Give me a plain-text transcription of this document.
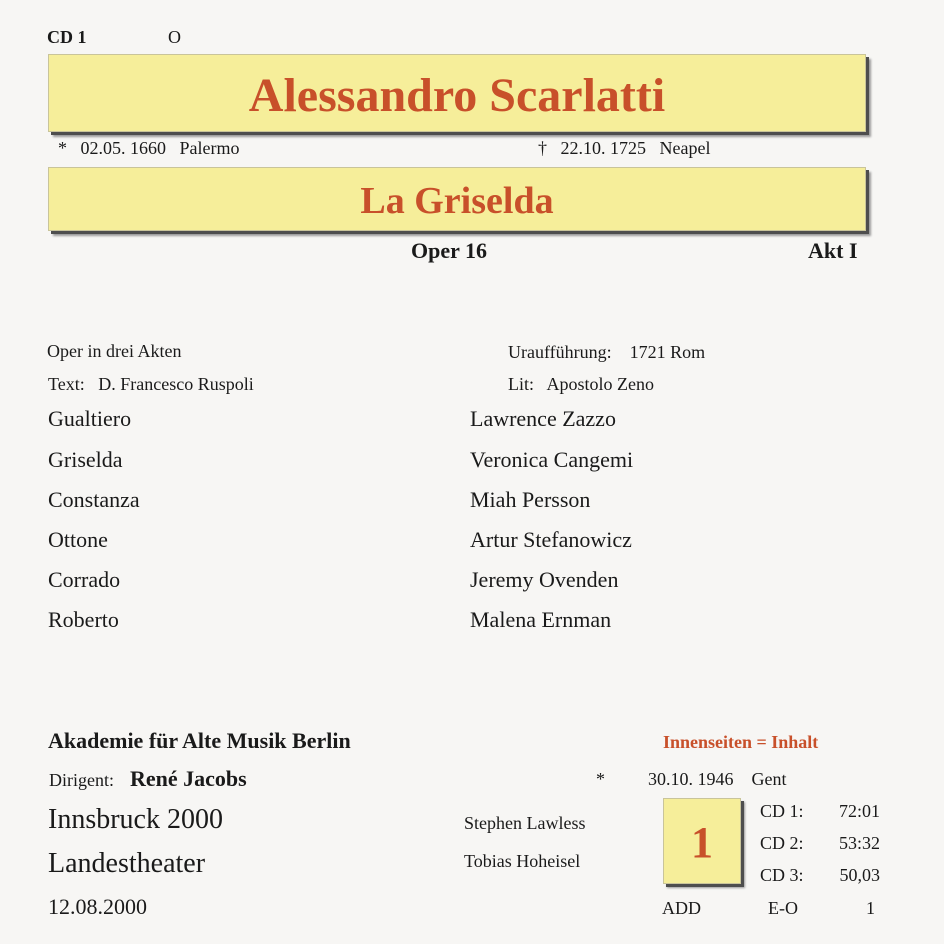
CD 1	O
Alessandro Scarlatti
* 02.05. 1660 Palermo	† 22.10. 1725 Neapel
La Griselda
Oper 16	Akt I
Oper in drei Akten	Uraufführung: 1721 Rom
Text: D. Francesco Ruspoli	Lit: Apostolo Zeno
Gualtiero	Lawrence Zazzo
Griselda	Veronica Cangemi
Constanza	Miah Persson
Ottone	Artur Stefanowicz
Corrado	Jeremy Ovenden
Roberto	Malena Ernman
Akademie für Alte Musik Berlin	Innenseiten = Inhalt
Dirigent: René Jacobs	* 30.10. 1946 Gent
Innsbruck 2000
Landestheater
12.08.2000
Stephen Lawless
Tobias Hoheisel	1
CD 1: 72:01
CD 2: 53:32
CD 3: 50,03
ADD	E-O	1
